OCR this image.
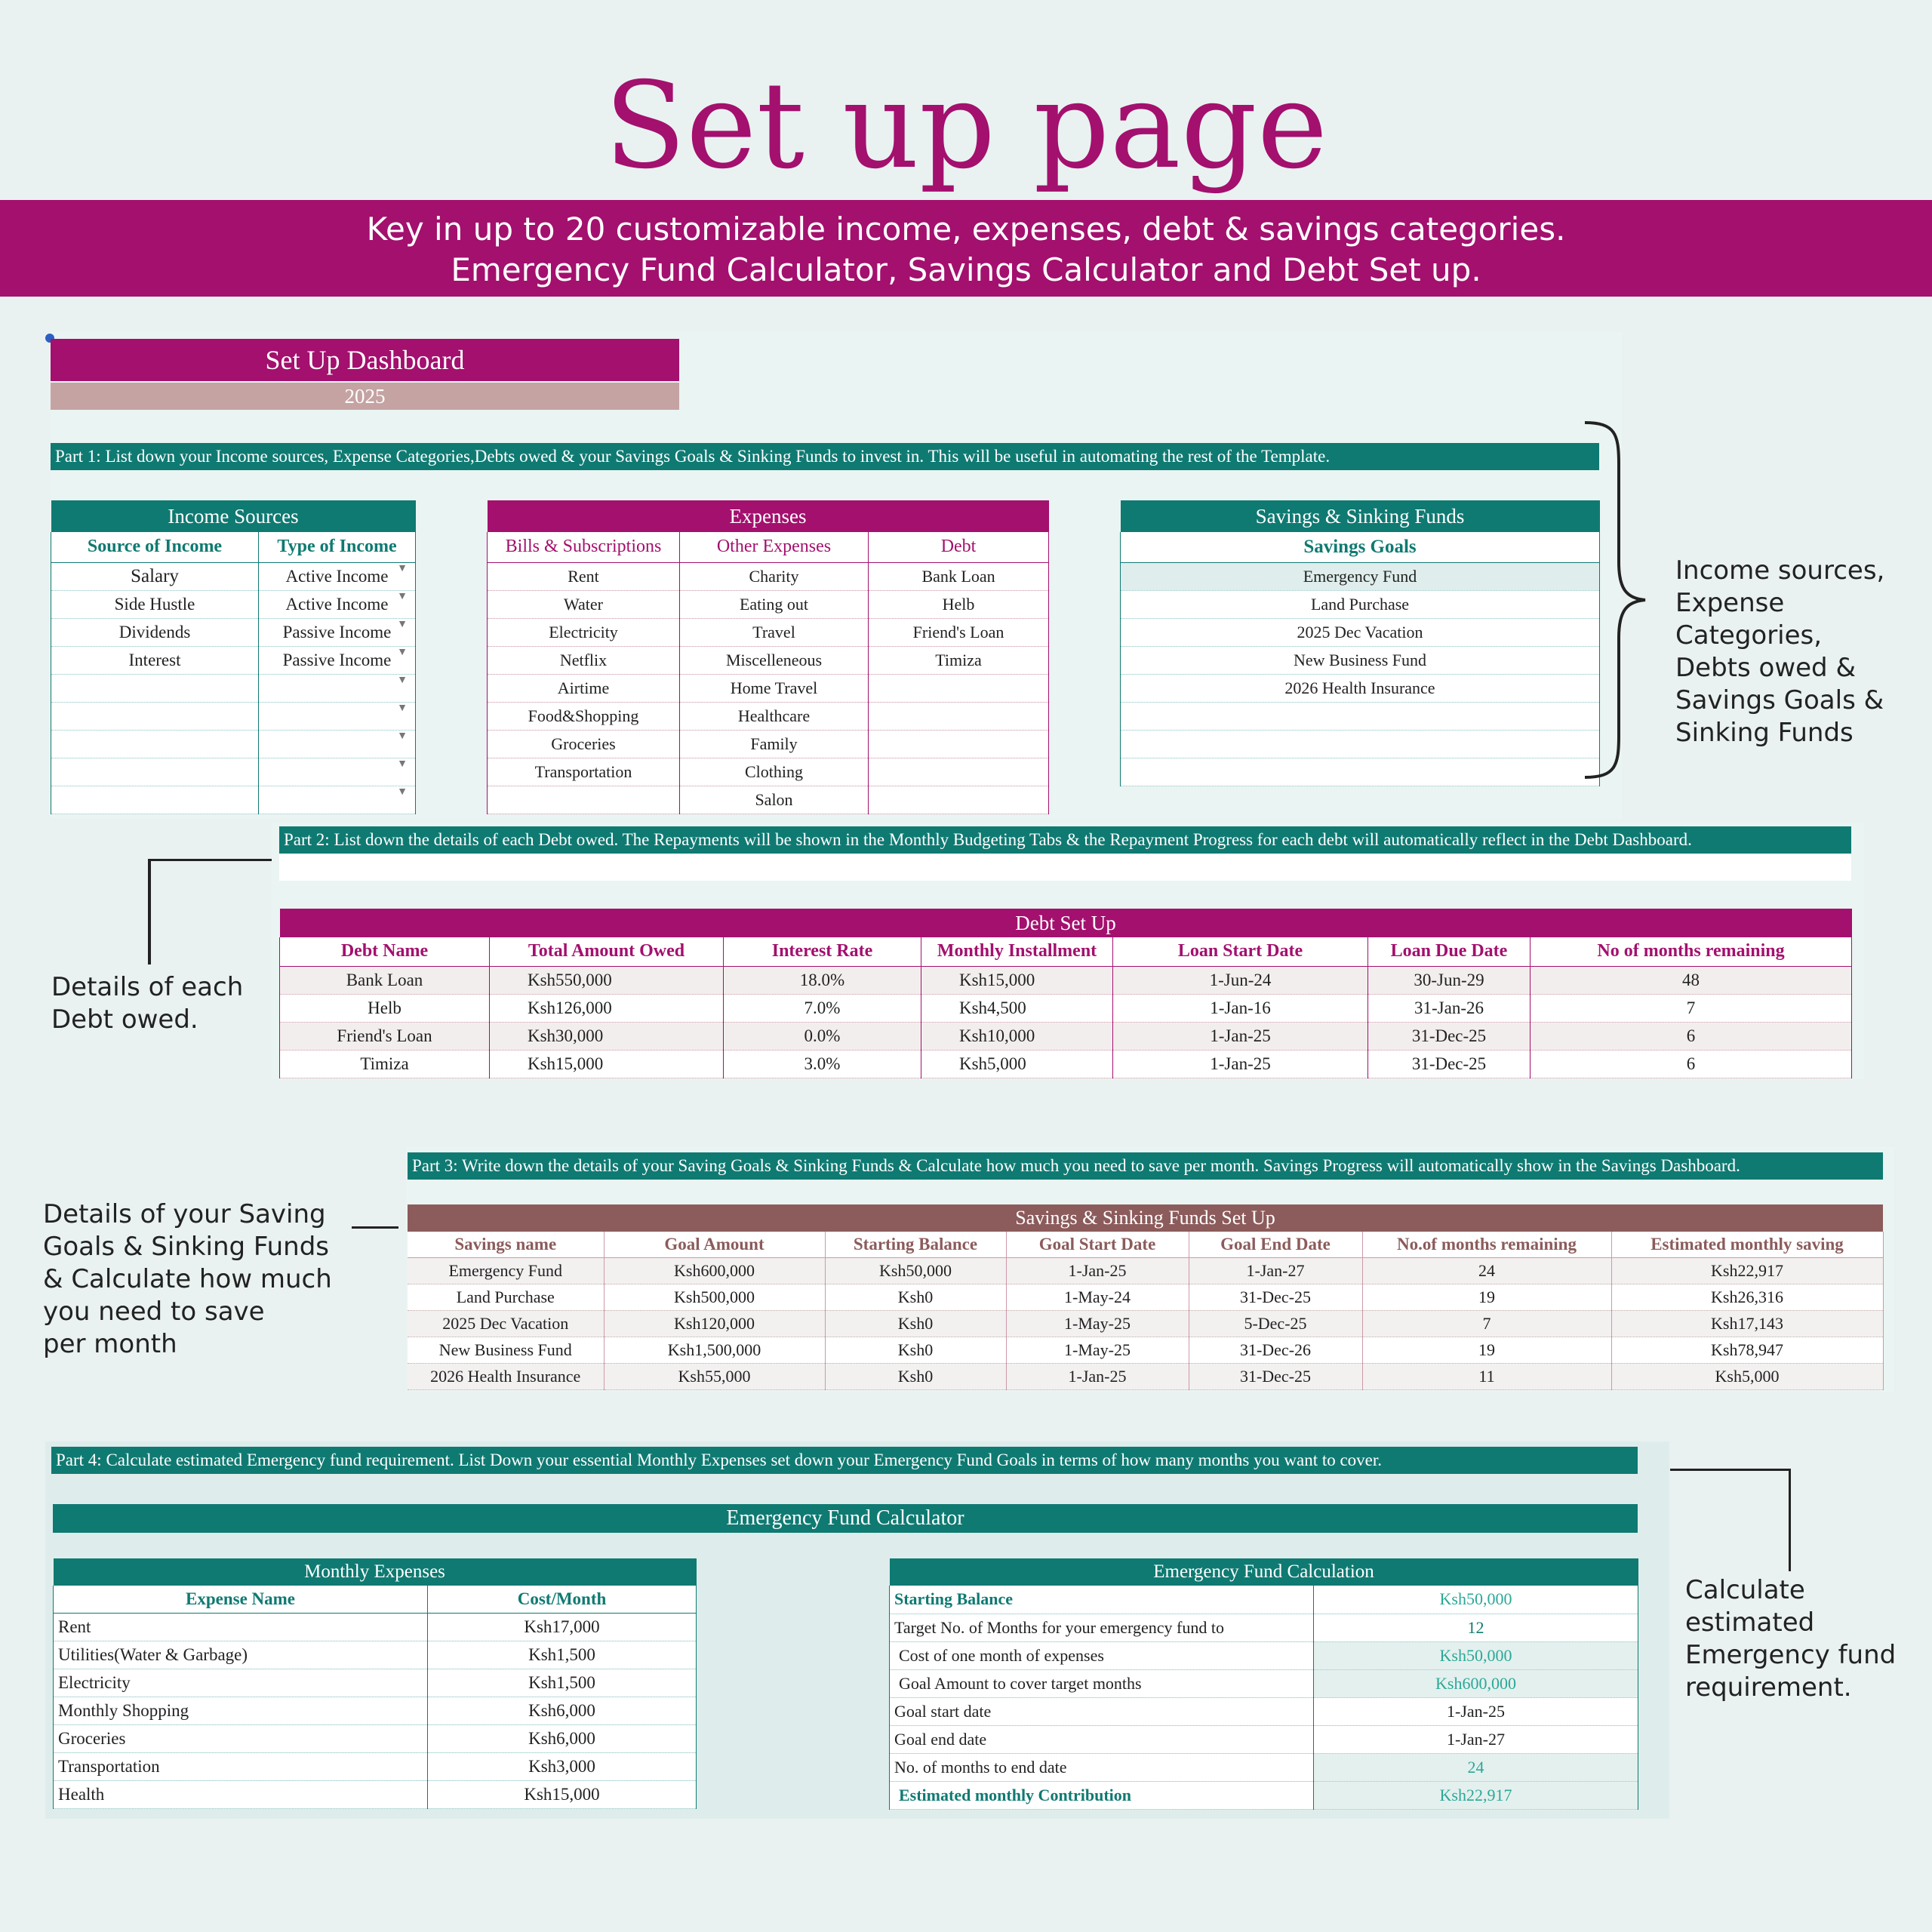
Set up page
Key in up to 20 customizable income, expenses, debt & savings categories.
Emergency Fund Calculator, Savings Calculator and Debt Set up.
Set Up Dashboard
2025
Part 1: List down your Income sources, Expense Categories,Debts owed & your Savings Goals & Sinking Funds to invest in. This will be useful in automating the rest of the Template.
Income Sources	
Source of Income	Type of Income
Salary	Active Income ▼

Side Hustle	Active Income ▼

Dividends	Passive Income ▼

Interest	Passive Income ▼

	▼

	▼

	▼

	▼

	▼
Expenses		
Bills & Subscriptions	Other Expenses	Debt
Rent	Charity	Bank Loan
Water	Eating out	Helb
Electricity	Travel	Friend's Loan
Netflix	Miscelleneous	Timiza
Airtime	Home Travel	
Food&Shopping	Healthcare	
Groceries	Family	
Transportation	Clothing	
	Salon	
Savings & Sinking Funds
Savings Goals
Emergency Fund
Land Purchase
2025 Dec Vacation
New Business Fund
2026 Health Insurance

Income sources,
Expense Categories,
Debts owed &
Savings Goals &
Sinking Funds
Part 2: List down the details of each Debt owed. The Repayments will be shown in the Monthly Budgeting Tabs & the Repayment Progress for each debt will automatically reflect in the Debt Dashboard.
Debt Set Up						
Debt Name	Total Amount Owed	Interest Rate	Monthly Installment	Loan Start Date	Loan Due Date	No of months remaining
Bank Loan	Ksh550,000	18.0%	Ksh15,000	1-Jun-24	30-Jun-29	48
Helb	Ksh126,000	7.0%	Ksh4,500	1-Jan-16	31-Jan-26	7
Friend's Loan	Ksh30,000	0.0%	Ksh10,000	1-Jan-25	31-Dec-25	6
Timiza	Ksh15,000	3.0%	Ksh5,000	1-Jan-25	31-Dec-25	6
Details of each
Debt owed.
Part 3: Write down the details of your Saving Goals & Sinking Funds & Calculate how much you need to save per month. Savings Progress will automatically show in the Savings Dashboard.
Savings & Sinking Funds Set Up						
Savings name	Goal Amount	Starting Balance	Goal Start Date	Goal End Date	No.of months remaining	Estimated monthly saving
Emergency Fund	Ksh600,000	Ksh50,000	1-Jan-25	1-Jan-27	24	Ksh22,917
Land Purchase	Ksh500,000	Ksh0	1-May-24	31-Dec-25	19	Ksh26,316
2025 Dec Vacation	Ksh120,000	Ksh0	1-May-25	5-Dec-25	7	Ksh17,143
New Business Fund	Ksh1,500,000	Ksh0	1-May-25	31-Dec-26	19	Ksh78,947
2026 Health Insurance	Ksh55,000	Ksh0	1-Jan-25	31-Dec-25	11	Ksh5,000
Details of your Saving
Goals & Sinking Funds
& Calculate how much
you need to save
per month
Part 4: Calculate estimated Emergency fund requirement. List Down your essential Monthly Expenses set down your Emergency Fund Goals in terms of how many months you want to cover.
Emergency Fund Calculator
Monthly Expenses	
Expense Name	Cost/Month
Rent	Ksh17,000
Utilities(Water & Garbage)	Ksh1,500
Electricity	Ksh1,500
Monthly Shopping	Ksh6,000
Groceries	Ksh6,000
Transportation	Ksh3,000
Health	Ksh15,000
Emergency Fund Calculation	
Starting Balance	Ksh50,000
Target No. of Months for your emergency fund to	12
Cost of one month of expenses	Ksh50,000
Goal Amount to cover target months	Ksh600,000
Goal start date	1-Jan-25
Goal end date	1-Jan-27
No. of months to end date	24
Estimated monthly Contribution	Ksh22,917
Calculate
estimated
Emergency fund
requirement.
